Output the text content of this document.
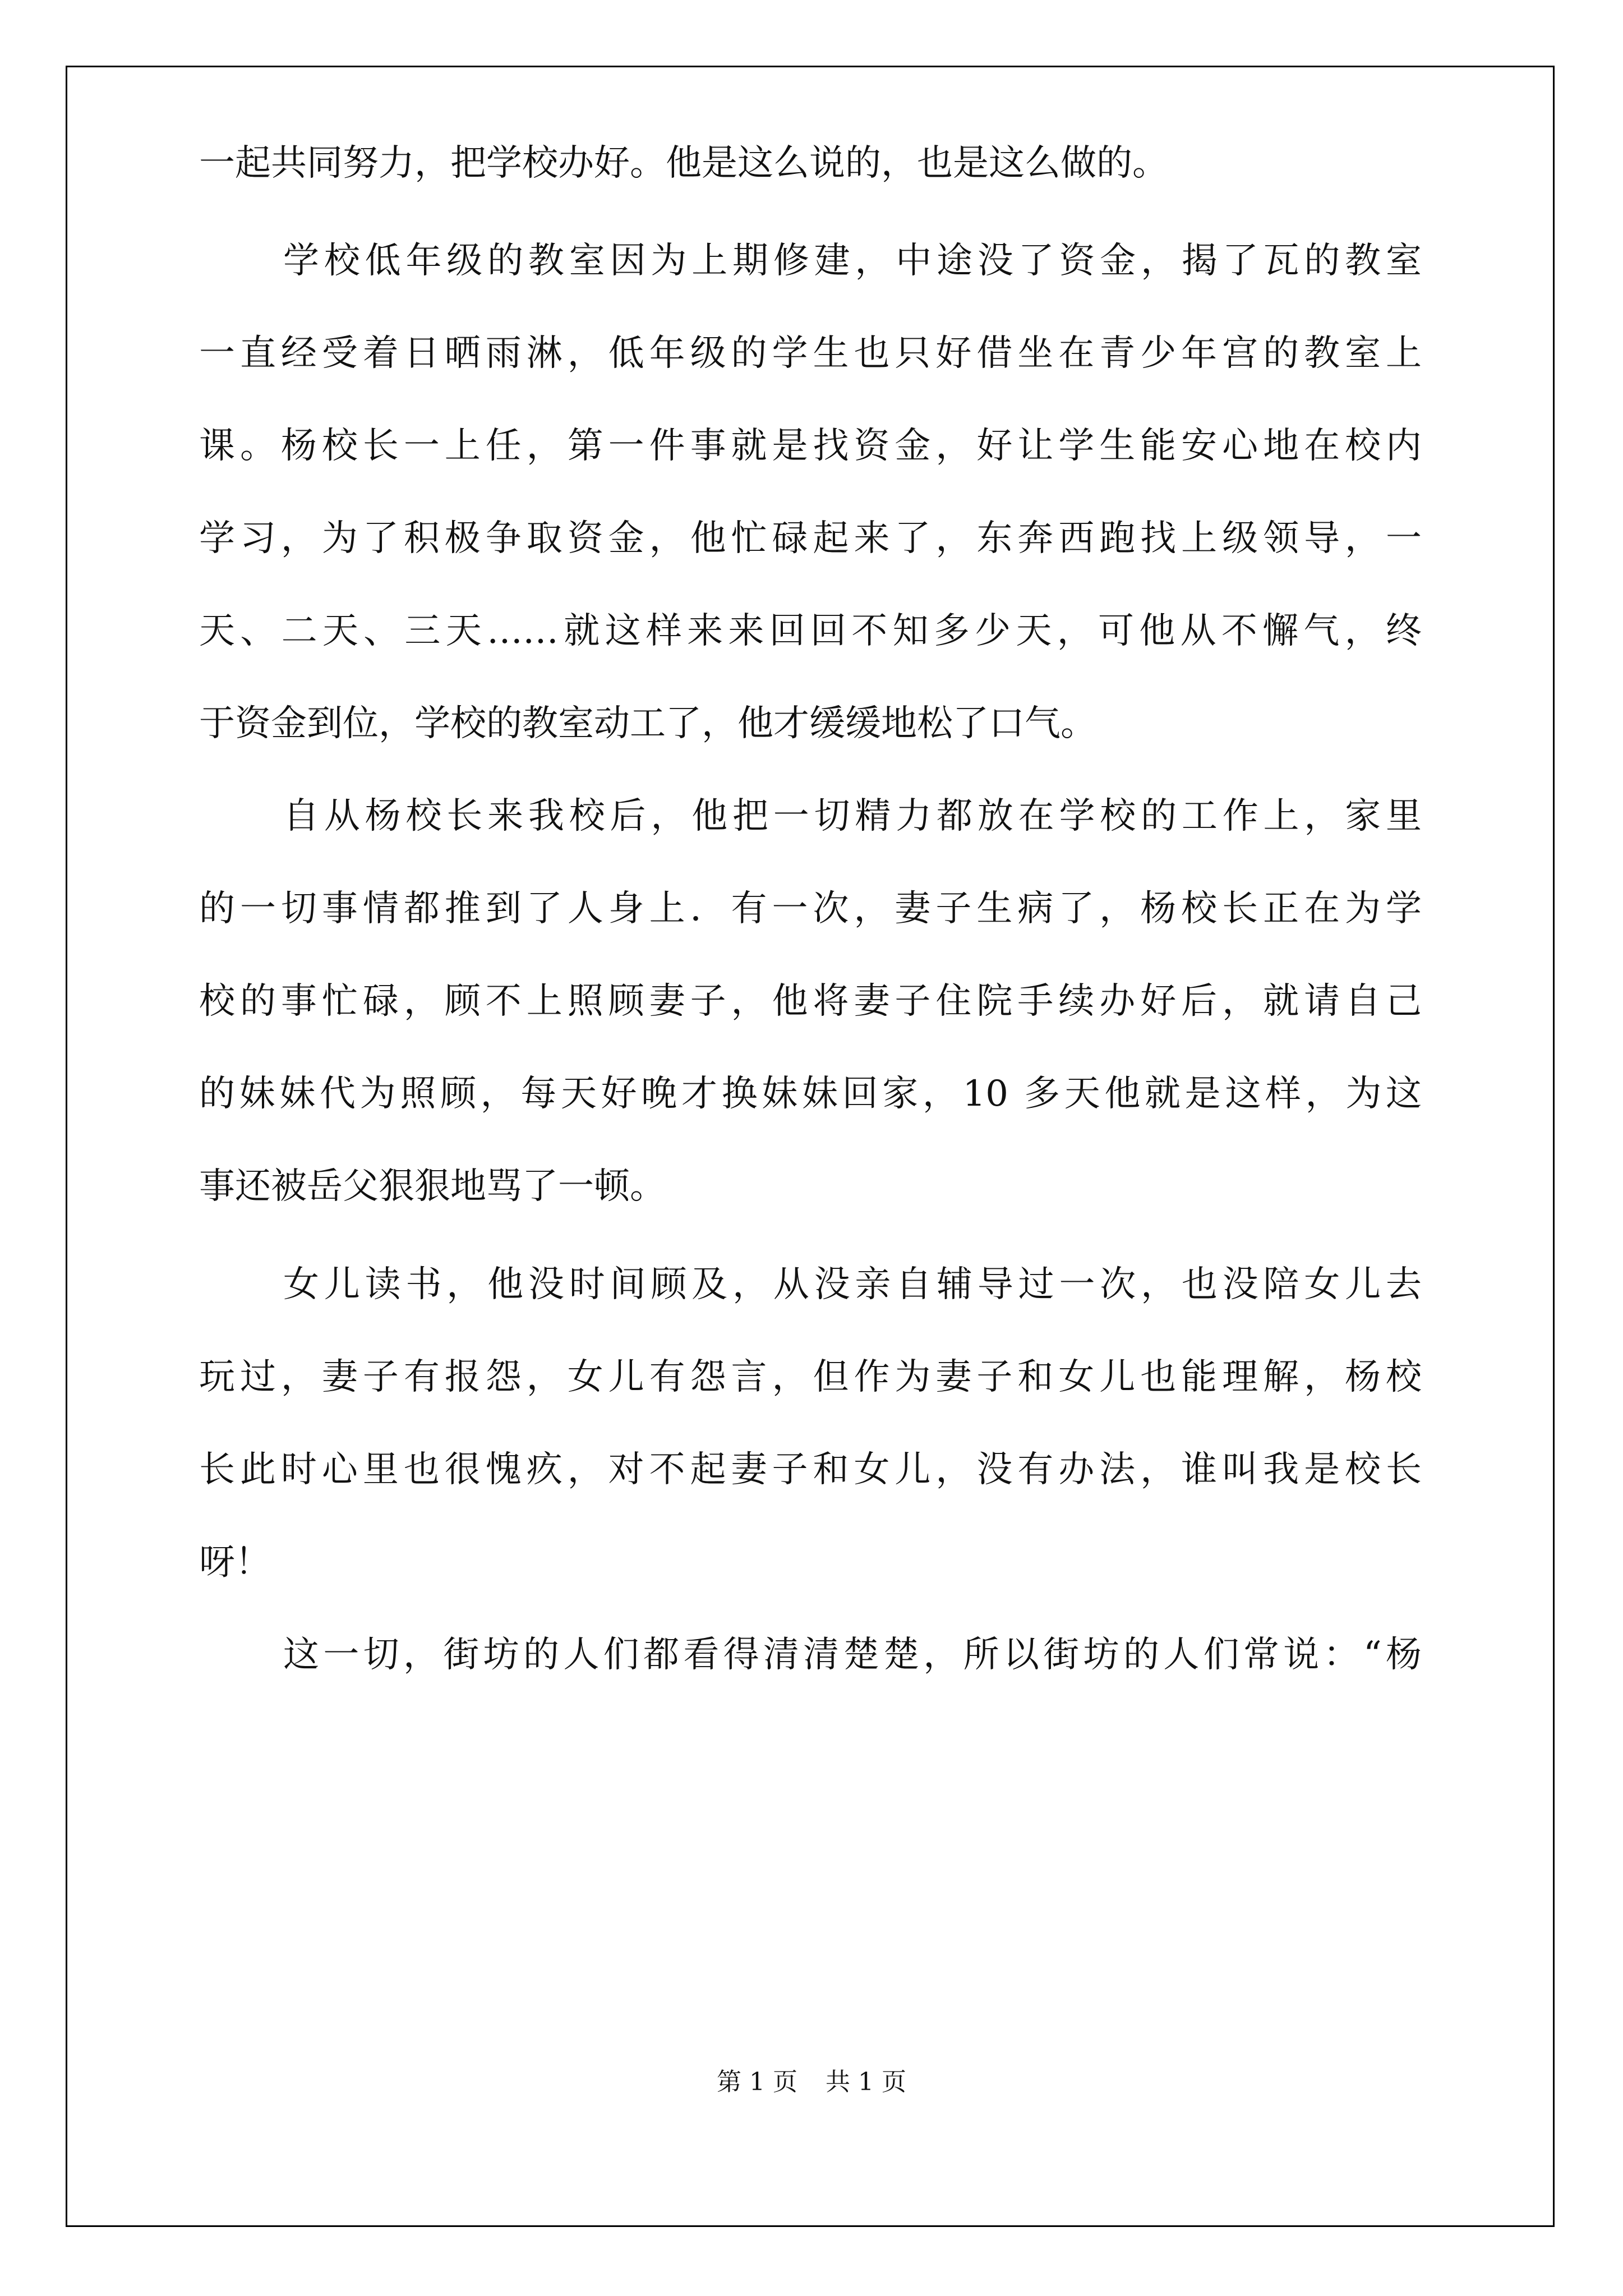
一起共同努力，把学校办好。他是这么说的，也是这么做的。

学校低年级的教室因为上期修建，中途没了资金，揭了瓦的教室

一直经受着日晒雨淋，低年级的学生也只好借坐在青少年宫的教室上

课。杨校长一上任，第一件事就是找资金，好让学生能安心地在校内

学习，为了积极争取资金，他忙碌起来了，东奔西跑找上级领导，一

天、二天、三天……就这样来来回回不知多少天，可他从不懈气，终

于资金到位，学校的教室动工了，他才缓缓地松了口气。

自从杨校长来我校后，他把一切精力都放在学校的工作上，家里

的一切事情都推到了人身上．有一次，妻子生病了，杨校长正在为学

校的事忙碌，顾不上照顾妻子，他将妻子住院手续办好后，就请自己

的妹妹代为照顾，每天好晚才换妹妹回家，10 多天他就是这样，为这

事还被岳父狠狠地骂了一顿。

女儿读书，他没时间顾及，从没亲自辅导过一次，也没陪女儿去

玩过，妻子有报怨，女儿有怨言，但作为妻子和女儿也能理解，杨校

长此时心里也很愧疚，对不起妻子和女儿，没有办法，谁叫我是校长

呀！

这一切，街坊的人们都看得清清楚楚，所以街坊的人们常说：“杨

第 1 页 共 1 页
